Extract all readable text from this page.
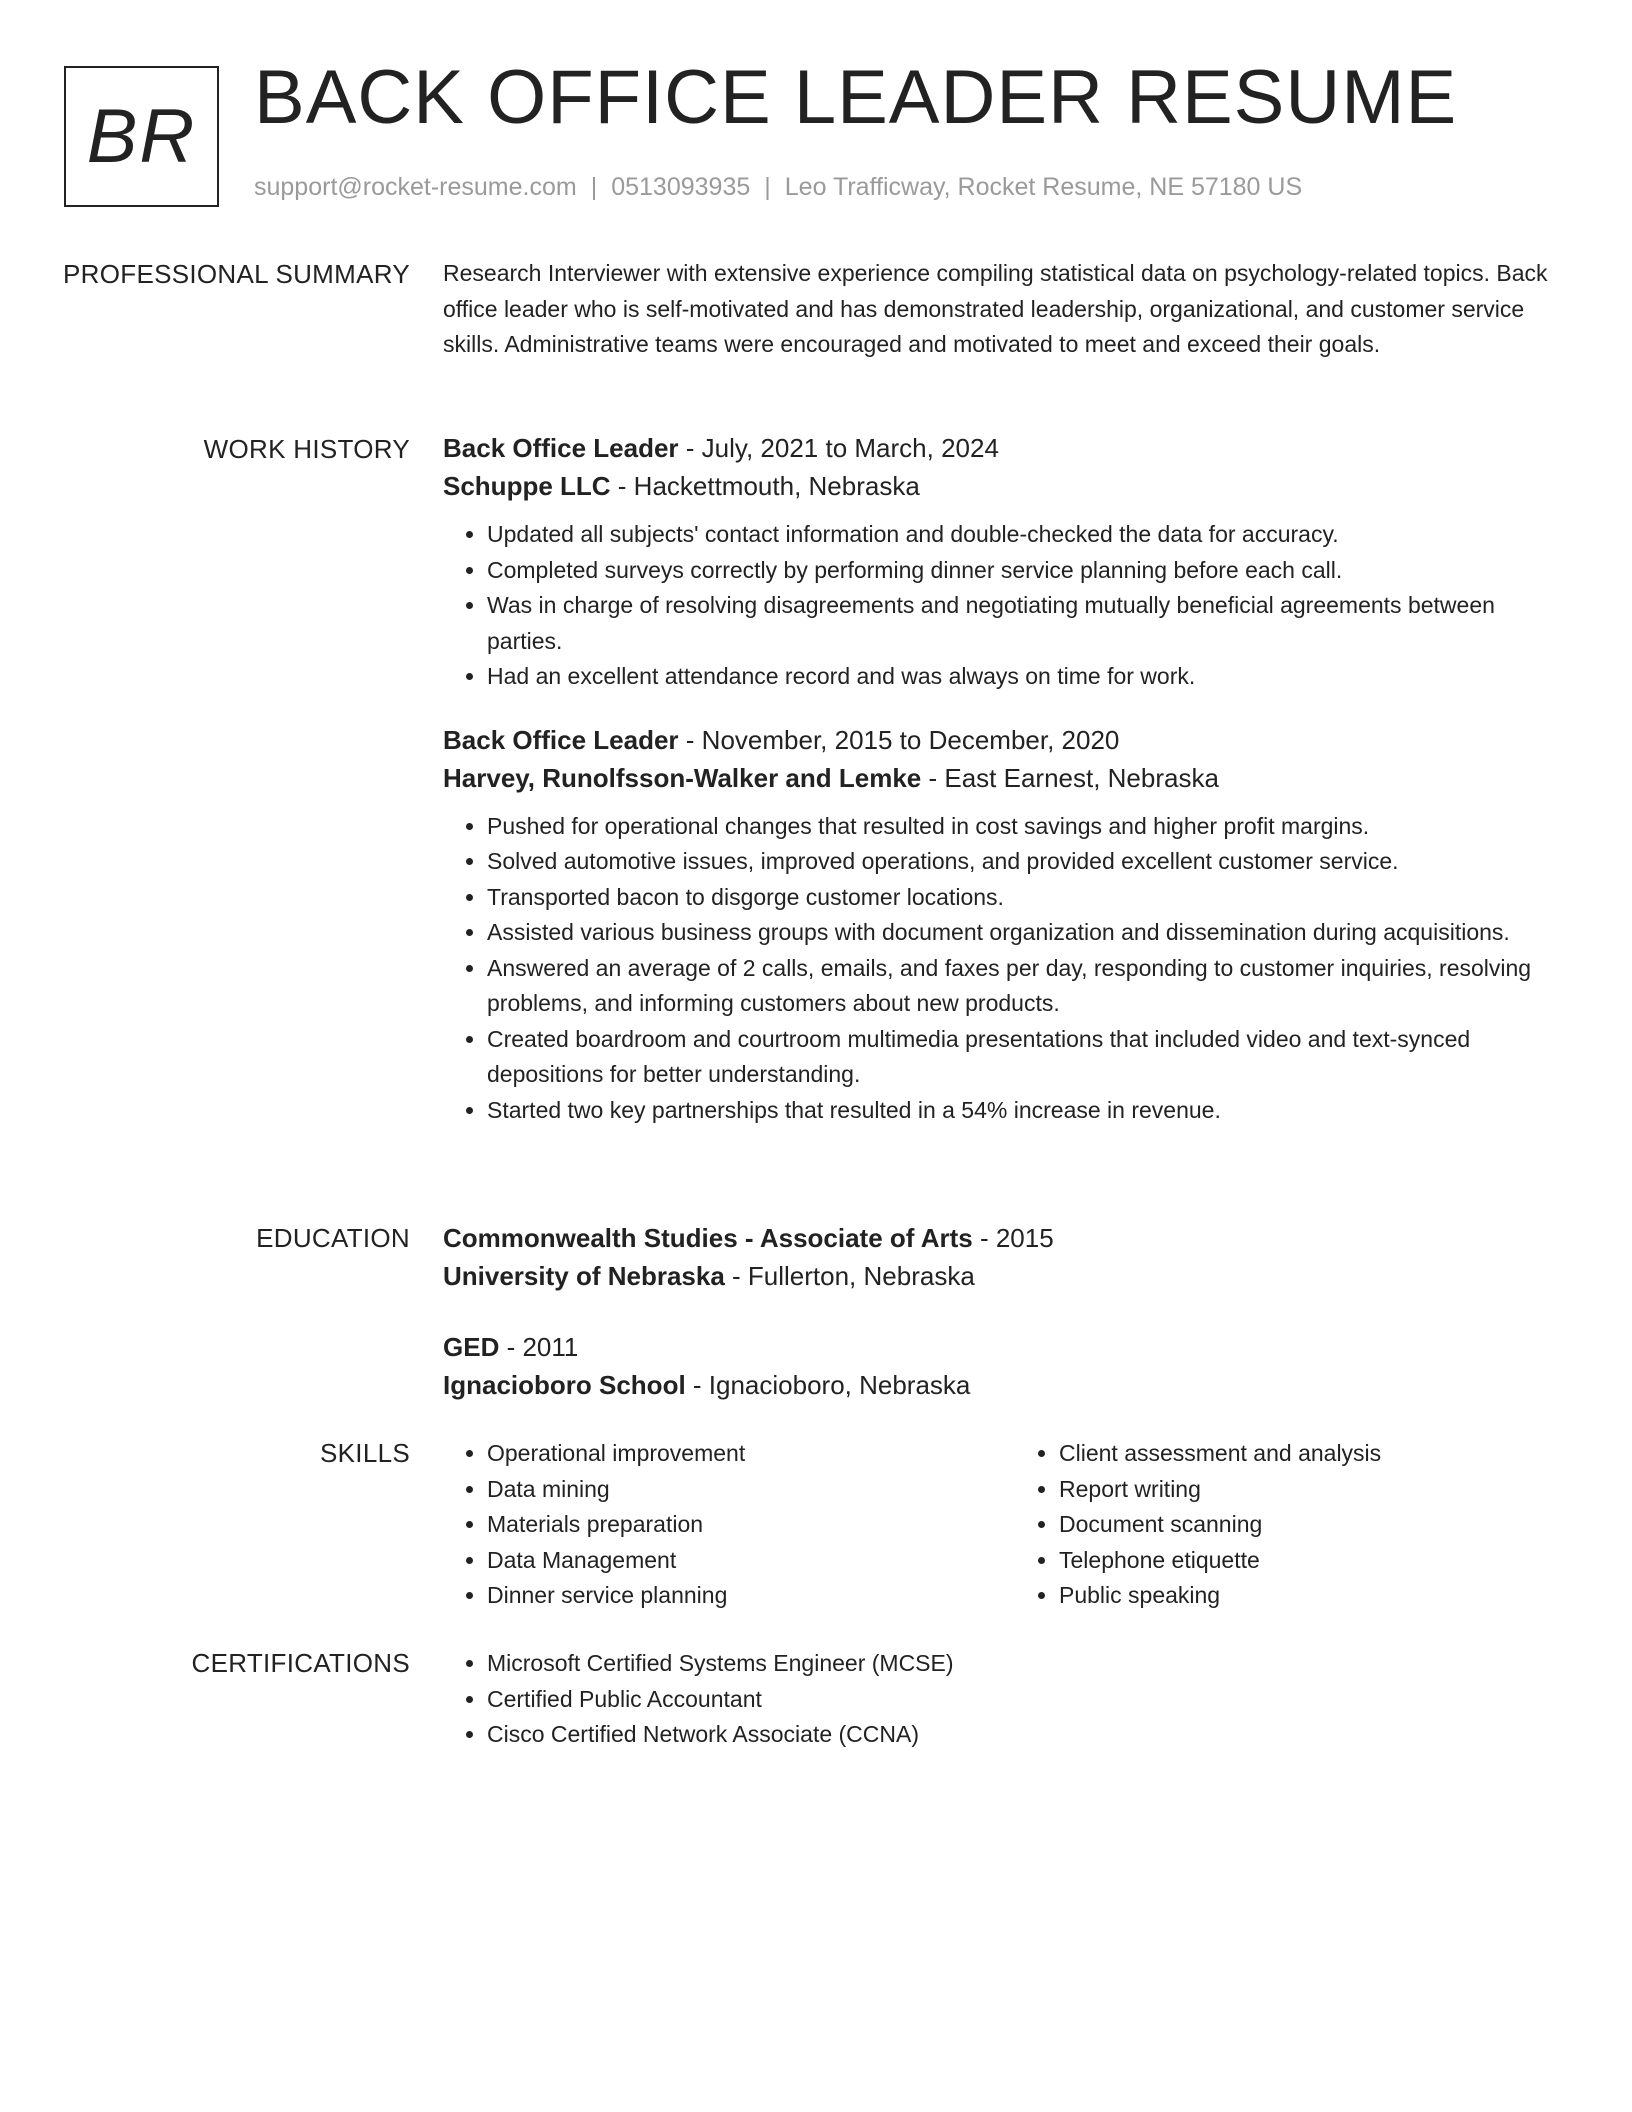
BR BACK OFFICE LEADER RESUME
support@rocket-resume.com | 0513093935 | Leo Trafficway, Rocket Resume, NE 57180 US
PROFESSIONAL SUMMARY Research Interviewer with extensive experience compiling statistical data on psychology-related topics. Back office leader who is self-motivated and has demonstrated leadership, organizational, and customer service skills. Administrative teams were encouraged and motivated to meet and exceed their goals.

WORK HISTORY Back Office Leader - July, 2021 to March, 2024
Schuppe LLC - Hackettmouth, Nebraska
• Updated all subjects' contact information and double-checked the data for accuracy.
• Completed surveys correctly by performing dinner service planning before each call.
• Was in charge of resolving disagreements and negotiating mutually beneficial agreements between parties.
• Had an excellent attendance record and was always on time for work.
Back Office Leader - November, 2015 to December, 2020
Harvey, Runolfsson-Walker and Lemke - East Earnest, Nebraska
• Pushed for operational changes that resulted in cost savings and higher profit margins.
• Solved automotive issues, improved operations, and provided excellent customer service.
• Transported bacon to disgorge customer locations.
• Assisted various business groups with document organization and dissemination during acquisitions.
• Answered an average of 2 calls, emails, and faxes per day, responding to customer inquiries, resolving problems, and informing customers about new products.
• Created boardroom and courtroom multimedia presentations that included video and text-synced depositions for better understanding.
• Started two key partnerships that resulted in a 54% increase in revenue.
EDUCATION Commonwealth Studies - Associate of Arts - 2015
University of Nebraska - Fullerton, Nebraska
GED - 2011
Ignacioboro School - Ignacioboro, Nebraska
SKILLS	• Operational improvement
• Data mining
• Materials preparation
• Data Management
• Dinner service planning
• Client assessment and analysis
• Report writing
• Document scanning
• Telephone etiquette
• Public speaking
CERTIFICATIONS	• Microsoft Certified Systems Engineer (MCSE)
• Certified Public Accountant
• Cisco Certified Network Associate (CCNA)
